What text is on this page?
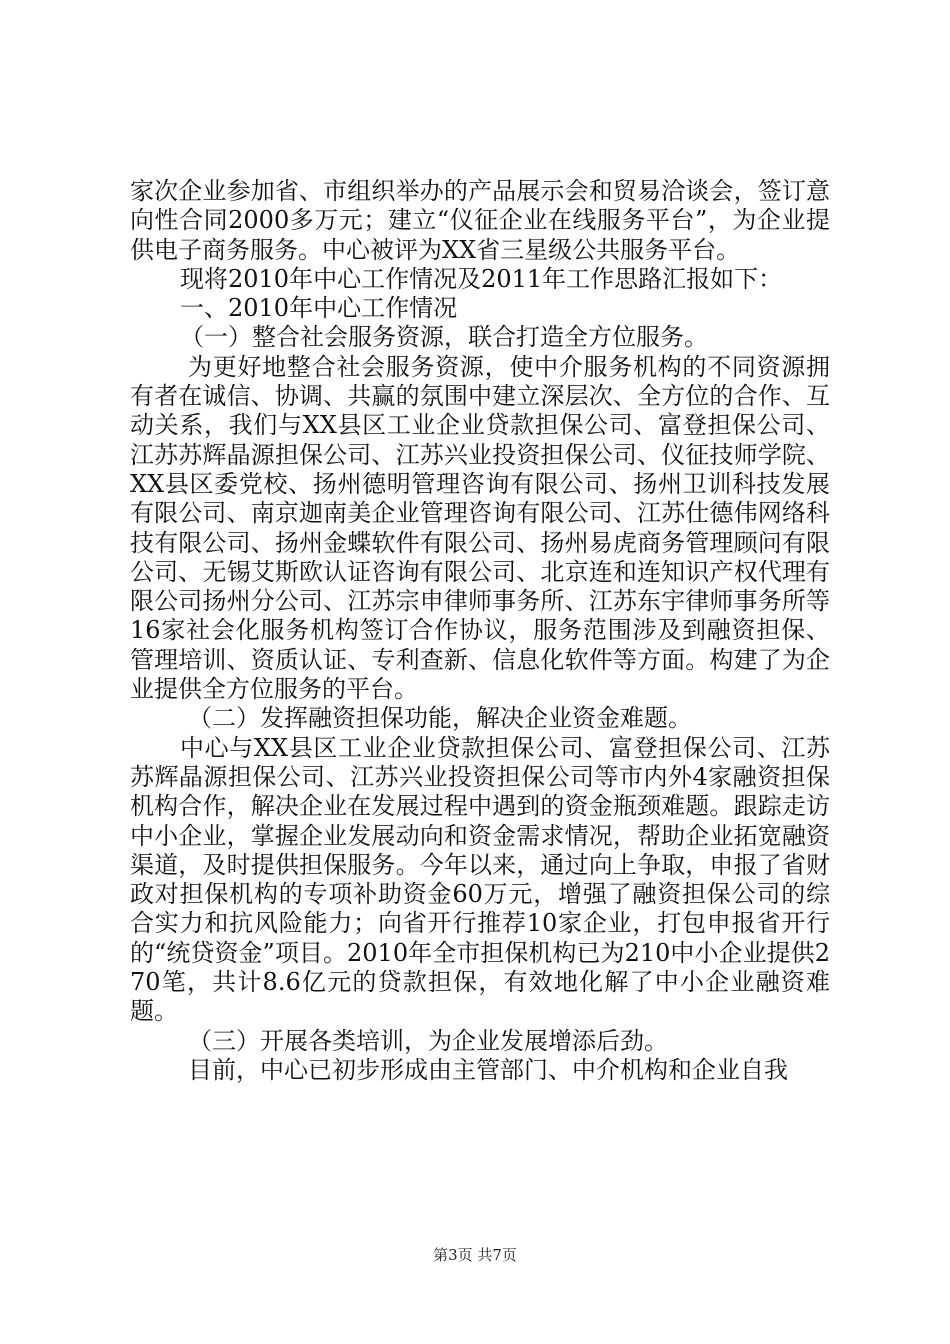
家次企业参加省、市组织举办的产品展示会和贸易洽谈会，签订意向性合同2000多万元；建立“仪征企业在线服务平台”，为企业提供电子商务服务。中心被评为XX省三星级公共服务平台。

现将2010年中心工作情况及2011年工作思路汇报如下：

一、2010年中心工作情况

（一）整合社会服务资源，联合打造全方位服务。

为更好地整合社会服务资源，使中介服务机构的不同资源拥有者在诚信、协调、共赢的氛围中建立深层次、全方位的合作、互动关系，我们与XX县区工业企业贷款担保公司、富登担保公司、江苏苏辉晶源担保公司、江苏兴业投资担保公司、仪征技师学院、XX县区委党校、扬州德明管理咨询有限公司、扬州卫训科技发展有限公司、南京迦南美企业管理咨询有限公司、江苏仕德伟网络科技有限公司、扬州金蝶软件有限公司、扬州易虎商务管理顾问有限公司、无锡艾斯欧认证咨询有限公司、北京连和连知识产权代理有限公司扬州分公司、江苏宗申律师事务所、江苏东宇律师事务所等16家社会化服务机构签订合作协议，服务范围涉及到融资担保、管理培训、资质认证、专利查新、信息化软件等方面。构建了为企业提供全方位服务的平台。

（二）发挥融资担保功能，解决企业资金难题。

中心与XX县区工业企业贷款担保公司、富登担保公司、江苏苏辉晶源担保公司、江苏兴业投资担保公司等市内外4家融资担保机构合作，解决企业在发展过程中遇到的资金瓶颈难题。跟踪走访中小企业，掌握企业发展动向和资金需求情况，帮助企业拓宽融资渠道，及时提供担保服务。今年以来，通过向上争取，申报了省财政对担保机构的专项补助资金60万元，增强了融资担保公司的综合实力和抗风险能力；向省开行推荐10家企业，打包申报省开行的“统贷资金”项目。2010年全市担保机构已为210中小企业提供270笔，共计8.6亿元的贷款担保，有效地化解了中小企业融资难题。

（三）开展各类培训，为企业发展增添后劲。

目前，中心已初步形成由主管部门、中介机构和企业自我

第3页 共7页
